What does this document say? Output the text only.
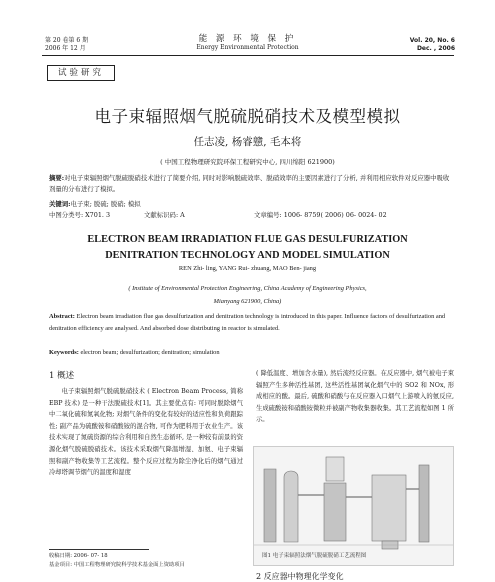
第 20 卷第 6 期
2006 年 12 月
能 源 环 境 保 护
Energy Environmental Protection
Vol. 20, No. 6
Dec. , 2006
试验研究
电子束辐照烟气脱硫脱硝技术及模型模拟
任志凌, 杨睿戆, 毛本将
( 中国工程物理研究院环保工程研究中心, 四川绵阳 621900)
摘要:对电子束辐照烟气脱硫脱硝技术进行了简要介绍, 同时对影响脱硫效率、脱硝效率的主要因素进行了分析, 并利用相应软件对反应器中吸收剂量的分布进行了模拟。
关键词:电子束; 脱硫; 脱硝; 模拟
中图分类号: X701. 3	文献标识码: A	文章编号: 1006- 8759( 2006) 06- 0024- 02
ELECTRON BEAM IRRADIATION FLUE GAS DESULFURIZATION
DENITRATION TECHNOLOGY AND MODEL SIMULATION
REN Zhi- ling, YANG Rui- zhuang, MAO Ben- jiang
( Institute of Environmental Protection Engineering, China Academy of Engineering Physics,
Mianyang 621900, China)
Abstract: Electron beam irradiation flue gas desulfurization and denitration technology is introduced in this paper. Influence factors of desulfurization and denitration efficiency are analysed. And absorbed dose distributing in reactor is simulated.
Keywords: electron beam; desulfurization; denitration; simulation
1 概述
电子束辐照烟气脱硫脱硝技术 ( Electron Beam Process, 简称 EBP 技术) 是一种干法脱硫技术[1]。其主要优点有: 可同时脱除烟气中二氧化硫和氮氧化物; 对烟气条件的变化有较好的适应性和负荷跟踪性; 副产品为硫酸铵和硝酸铵的混合物, 可作为肥料用于农业生产。该技术实现了氮硫资源的综合利用和自然生态循环, 是一种较有前景的资源化烟气脱硫脱硝技术。该技术采取烟气降温增湿、加氨、电子束辐照和副产物收集等工艺流程。整个反应过程为除尘净化后的烟气通过冷却塔调节烟气的温度和湿度
( 降低温度、增加含水量), 然后流经反应器。在反应器中, 烟气被电子束辐照产生多种活性基团, 这些活性基团氧化烟气中的 SO2 和 NOx, 形成相应的酸。最后, 硫酸和硝酸与在反应器入口烟气上游喷入的氨反应, 生成硫酸铵和硝酸铵微粒并被副产物收集器收集。其工艺流程如图 1 所示。
图1 电子束辐照法烟气脱硫脱硝工艺流程图
收稿日期: 2006- 07- 18
基金项目: 中国工程物理研究院科学技术基金面上资助项目
2 反应器中物理化学变化
